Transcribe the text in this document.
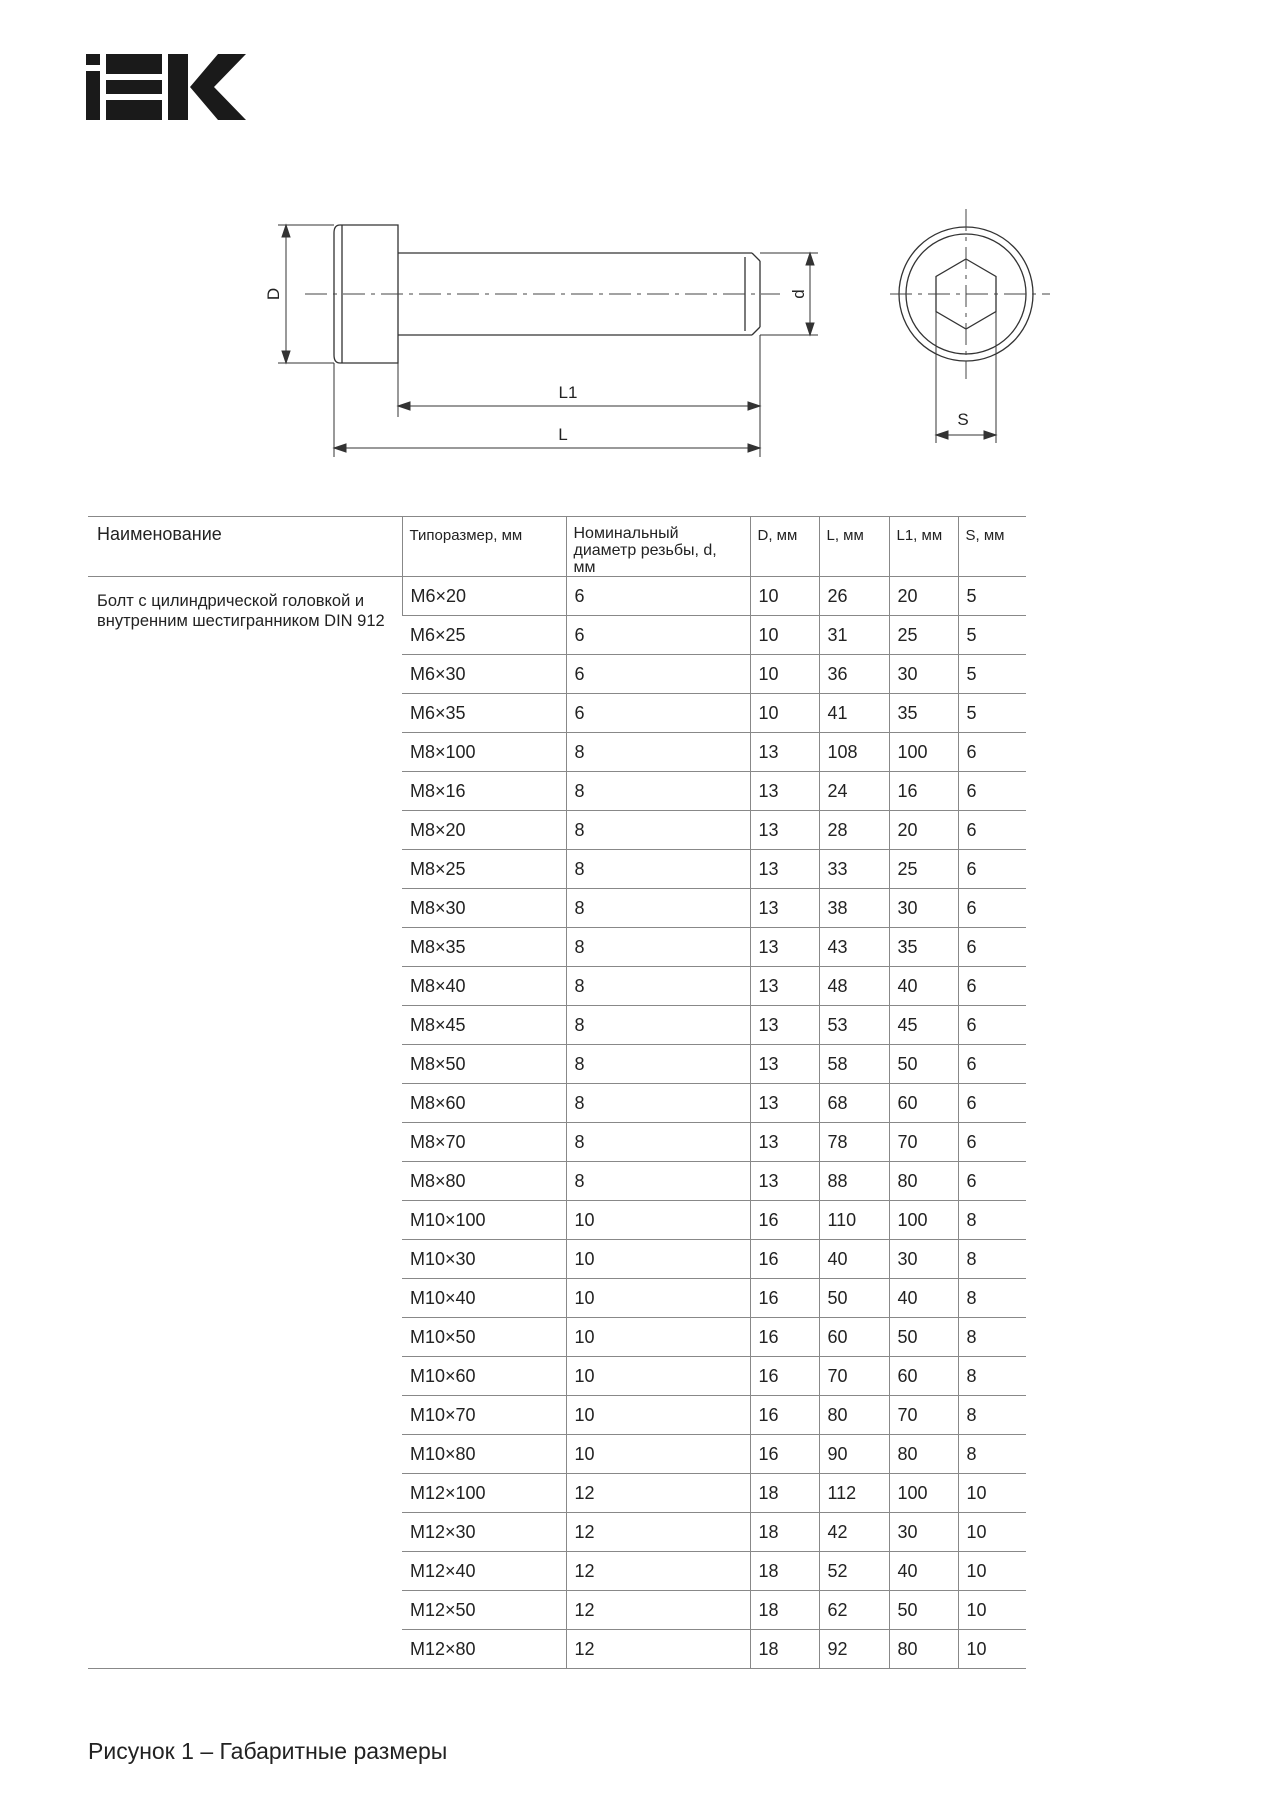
D	d
L1
L
S
Наименование	Типоразмер, мм	Номинальный диаметр резьбы, d, мм	D, мм	L, мм	L1, мм	S, мм
Болт с цилиндрической головкой и внутренним шестигранником DIN 912	М6×20	6	10	26	20	5
	М6×25	6	10	31	25	5
	М6×30	6	10	36	30	5
	М6×35	6	10	41	35	5
	М8×100	8	13	108	100	6
	М8×16	8	13	24	16	6
	М8×20	8	13	28	20	6
	М8×25	8	13	33	25	6
	М8×30	8	13	38	30	6
	М8×35	8	13	43	35	6
	М8×40	8	13	48	40	6
	М8×45	8	13	53	45	6
	М8×50	8	13	58	50	6
	М8×60	8	13	68	60	6
	М8×70	8	13	78	70	6
	М8×80	8	13	88	80	6
	М10×100	10	16	110	100	8
	М10×30	10	16	40	30	8
	М10×40	10	16	50	40	8
	М10×50	10	16	60	50	8
	М10×60	10	16	70	60	8
	М10×70	10	16	80	70	8
	М10×80	10	16	90	80	8
	М12×100	12	18	112	100	10
	М12×30	12	18	42	30	10
	М12×40	12	18	52	40	10
	М12×50	12	18	62	50	10
	М12×80	12	18	92	80	10
Рисунок 1 – Габаритные размеры
